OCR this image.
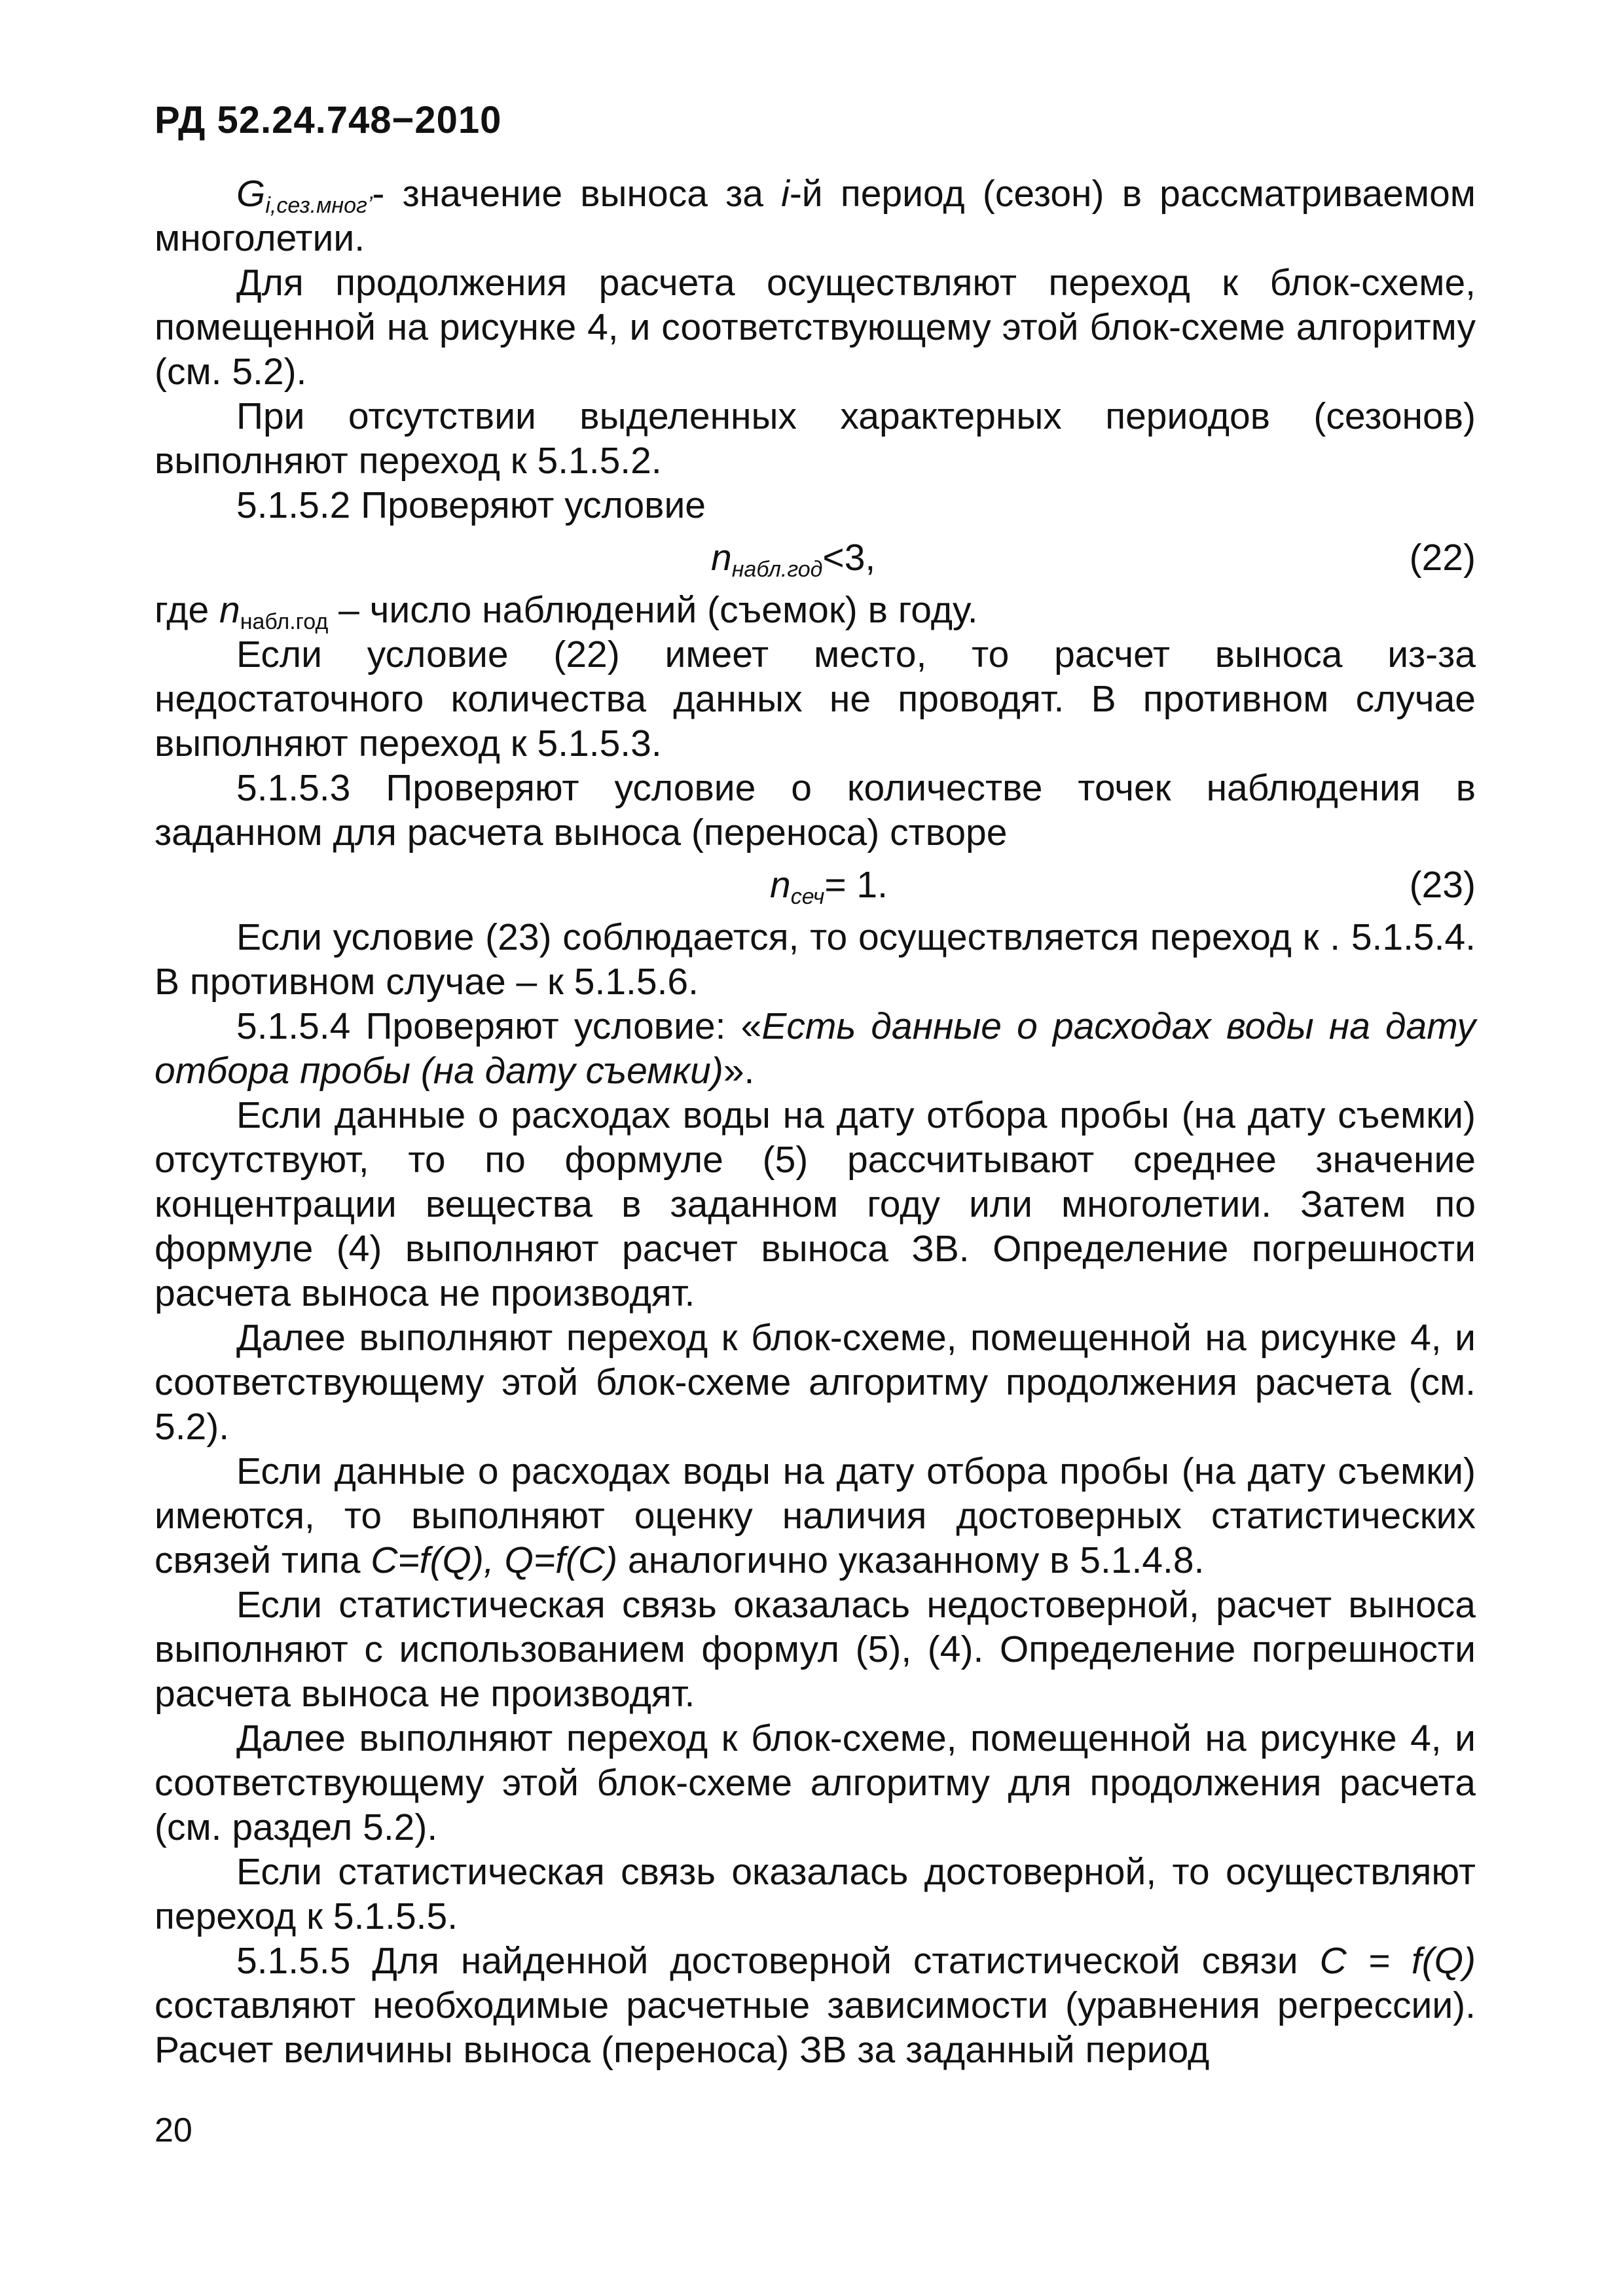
РД 52.24.748−2010

$G_{i,сез.многʼ}-$ значение выноса за i-й период (сезон) в рассматриваемом многолетии.

Для продолжения расчета осуществляют переход к блок-схеме, помещенной на рисунке 4, и соответствующему этой блок-схеме алгоритму (см. 5.2).

При отсутствии выделенных характерных периодов (сезонов) выполняют переход к 5.1.5.2.

5.1.5.2 Проверяют условие

$n_{набл.год}<3$,	(22)

где $n_{набл.год}$ – число наблюдений (съемок) в году.

Если условие (22) имеет место, то расчет выноса из-за недостаточного количества данных не проводят. В противном случае выполняют переход к 5.1.5.3.

5.1.5.3 Проверяют условие о количестве точек наблюдения в заданном для расчета выноса (переноса) створе

$n_{сеч}= 1$.	(23)

Если условие (23) соблюдается, то осуществляется переход к . 5.1.5.4. В противном случае – к 5.1.5.6.

5.1.5.4 Проверяют условие: «Есть данные о расходах воды на дату отбора пробы (на дату съемки)».

Если данные о расходах воды на дату отбора пробы (на дату съемки) отсутствуют, то по формуле (5) рассчитывают среднее значение концентрации вещества в заданном году или многолетии. Затем по формуле (4) выполняют расчет выноса ЗВ. Определение погрешности расчета выноса не производят.

Далее выполняют переход к блок-схеме, помещенной на рисунке 4, и соответствующему этой блок-схеме алгоритму продолжения расчета (см. 5.2).

Если данные о расходах воды на дату отбора пробы (на дату съемки) имеются, то выполняют оценку наличия достоверных статистических связей типа C=f(Q), Q=f(C) аналогично указанному в 5.1.4.8.

Если статистическая связь оказалась недостоверной, расчет выноса выполняют с использованием формул (5), (4). Определение погрешности расчета выноса не производят.

Далее выполняют переход к блок-схеме, помещенной на рисунке 4, и соответствующему этой блок-схеме алгоритму для продолжения расчета (см. раздел 5.2).

Если статистическая связь оказалась достоверной, то осуществляют переход к 5.1.5.5.

5.1.5.5 Для найденной достоверной статистической связи C = f(Q) составляют необходимые расчетные зависимости (уравнения регрессии). Расчет величины выноса (переноса) ЗВ за заданный период

20
